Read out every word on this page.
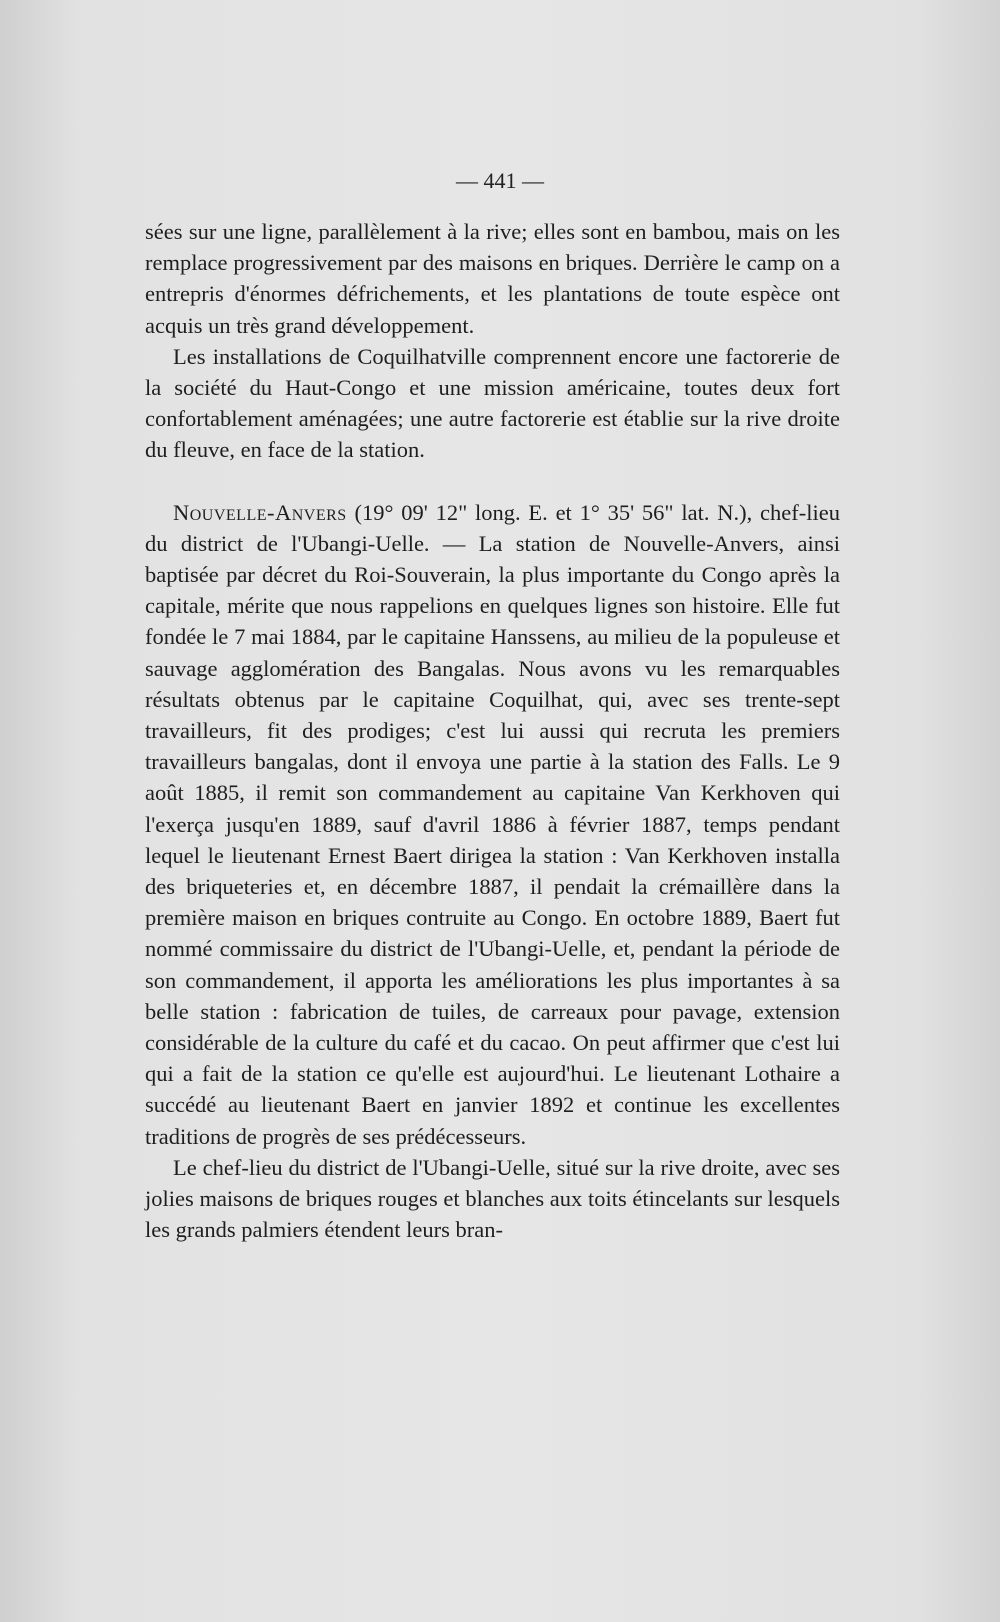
— 441 —

sées sur une ligne, parallèlement à la rive; elles sont en bambou, mais on les remplace progressivement par des maisons en briques. Derrière le camp on a entrepris d'énormes défrichements, et les plantations de toute espèce ont acquis un très grand développement.

Les installations de Coquilhatville comprennent encore une factorerie de la société du Haut-Congo et une mission américaine, toutes deux fort confortablement aménagées; une autre factorerie est établie sur la rive droite du fleuve, en face de la station.

Nouvelle-Anvers (19° 09' 12" long. E. et 1° 35' 56" lat. N.), chef-lieu du district de l'Ubangi-Uelle. — La station de Nouvelle-Anvers, ainsi baptisée par décret du Roi-Souverain, la plus importante du Congo après la capitale, mérite que nous rappelions en quelques lignes son histoire. Elle fut fondée le 7 mai 1884, par le capitaine Hanssens, au milieu de la populeuse et sauvage agglomération des Bangalas. Nous avons vu les remarquables résultats obtenus par le capitaine Coquilhat, qui, avec ses trente-sept travailleurs, fit des prodiges; c'est lui aussi qui recruta les premiers travailleurs bangalas, dont il envoya une partie à la station des Falls. Le 9 août 1885, il remit son commandement au capitaine Van Kerkhoven qui l'exerça jusqu'en 1889, sauf d'avril 1886 à février 1887, temps pendant lequel le lieutenant Ernest Baert dirigea la station : Van Kerkhoven installa des briqueteries et, en décembre 1887, il pendait la crémaillère dans la première maison en briques contruite au Congo. En octobre 1889, Baert fut nommé commissaire du district de l'Ubangi-Uelle, et, pendant la période de son commandement, il apporta les améliorations les plus importantes à sa belle station : fabrication de tuiles, de carreaux pour pavage, extension considérable de la culture du café et du cacao. On peut affirmer que c'est lui qui a fait de la station ce qu'elle est aujourd'hui. Le lieutenant Lothaire a succédé au lieutenant Baert en janvier 1892 et continue les excellentes traditions de progrès de ses prédécesseurs.

Le chef-lieu du district de l'Ubangi-Uelle, situé sur la rive droite, avec ses jolies maisons de briques rouges et blanches aux toits étincelants sur lesquels les grands palmiers étendent leurs bran-
